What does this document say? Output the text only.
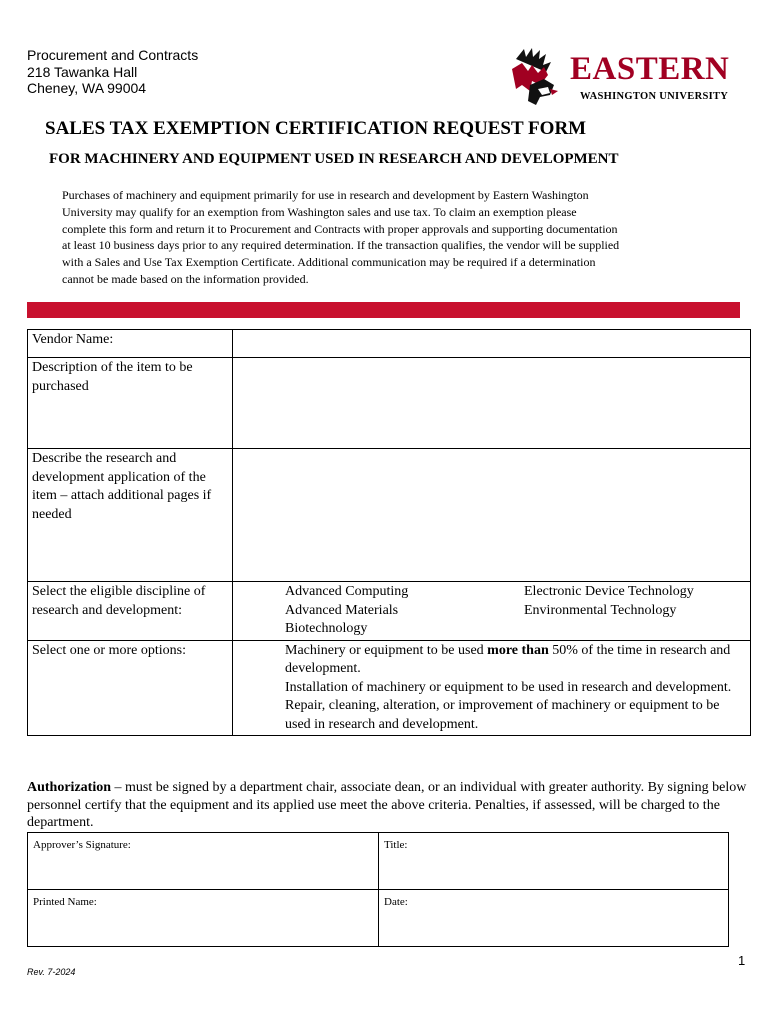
Procurement and Contracts
218 Tawanka Hall
Cheney, WA 99004
EASTERN
WASHINGTON UNIVERSITY
SALES TAX EXEMPTION CERTIFICATION REQUEST FORM
FOR MACHINERY AND EQUIPMENT USED IN RESEARCH AND DEVELOPMENT
Purchases of machinery and equipment primarily for use in research and development by Eastern Washington
University may qualify for an exemption from Washington sales and use tax. To claim an exemption please
complete this form and return it to Procurement and Contracts with proper approvals and supporting documentation
at least 10 business days prior to any required determination. If the transaction qualifies, the vendor will be supplied
with a Sales and Use Tax Exemption Certificate. Additional communication may be required if a determination
cannot be made based on the information provided.
Vendor Name:	
Description of the item to be purchased	
Describe the research and development application of the item – attach additional pages if needed	
Select the eligible discipline of research and development:	Advanced Computing
Advanced Materials
Biotechnology
Electronic Device Technology
Environmental Technology

Select one or more options:	Machinery or equipment to be used more than 50% of the time in research and development.
Installation of machinery or equipment to be used in research and development.
Repair, cleaning, alteration, or improvement of machinery or equipment to be used in research and development.
Authorization – must be signed by a department chair, associate dean, or an individual with greater authority. By signing below personnel certify that the equipment and its applied use meet the above criteria. Penalties, if assessed, will be charged to the department.
Approver’s Signature:	Title:
Printed Name:	Date:
1
Rev. 7-2024
